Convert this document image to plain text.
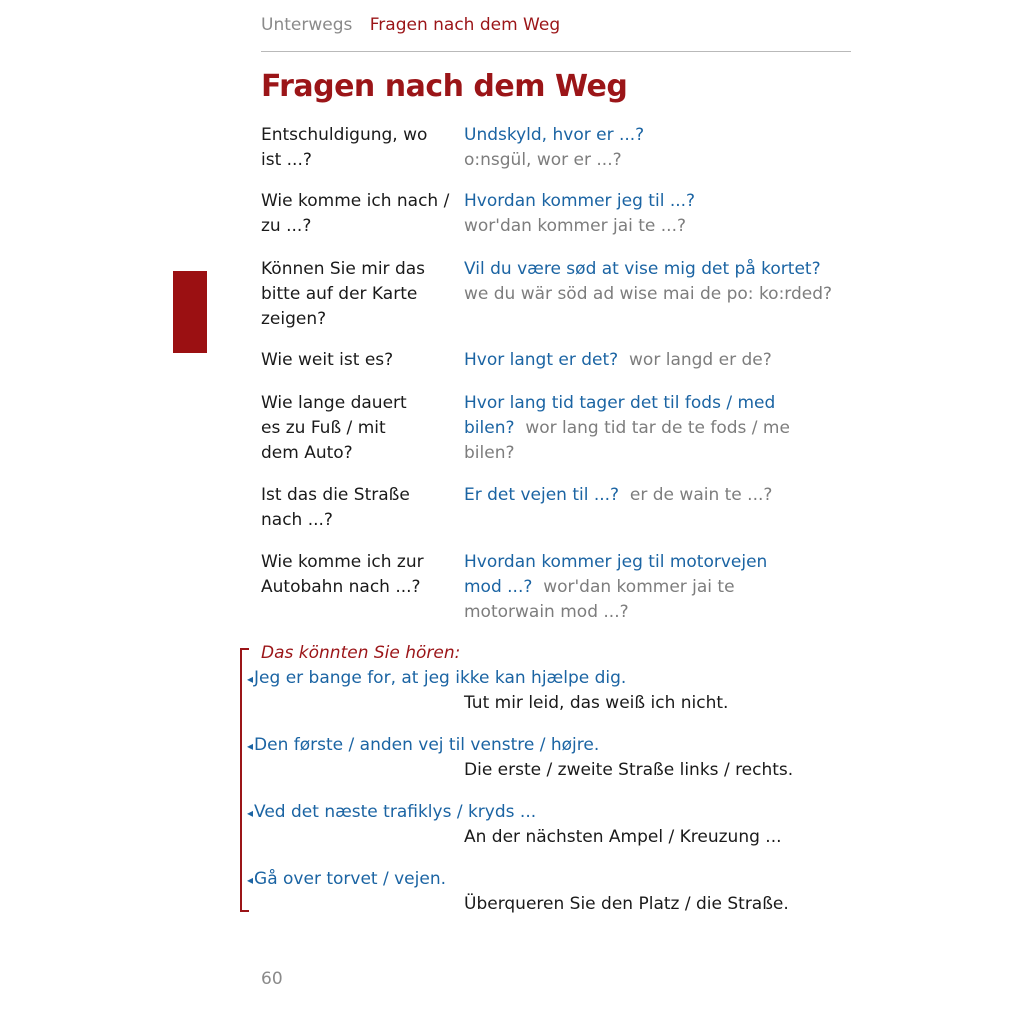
Unterwegs Fragen nach dem Weg
Fragen nach dem Weg
Entschuldigung, wo ist ...?
Undskyld, hvor er ...?
o:nsgül, wor er ...?
Wie komme ich nach / zu ...?
Hvordan kommer jeg til ...?
wor'dan kommer jai te ...?
Können Sie mir das bitte auf der Karte zeigen?
Vil du være sød at vise mig det på kortet?
we du wär söd ad wise mai de po: ko:rded?
Wie weit ist es?	Hvor langt er det? wor langd er de?
Wie lange dauert es zu Fuß / mit dem Auto?
Hvor lang tid tager det til fods / med bilen? wor lang tid tar de te fods / me bilen?
Ist das die Straße nach ...?
Er det vejen til ...? er de wain te ...?
Wie komme ich zur Autobahn nach ...?
Hvordan kommer jeg til motorvejen mod ...? wor'dan kommer jai te motorwain mod ...?
Das könnten Sie hören:
◂Jeg er bange for, at jeg ikke kan hjælpe dig.
Tut mir leid, das weiß ich nicht.
◂Den første / anden vej til venstre / højre.
Die erste / zweite Straße links / rechts.
◂Ved det næste trafiklys / kryds ...
An der nächsten Ampel / Kreuzung ...
◂Gå over torvet / vejen.
Überqueren Sie den Platz / die Straße.
60
